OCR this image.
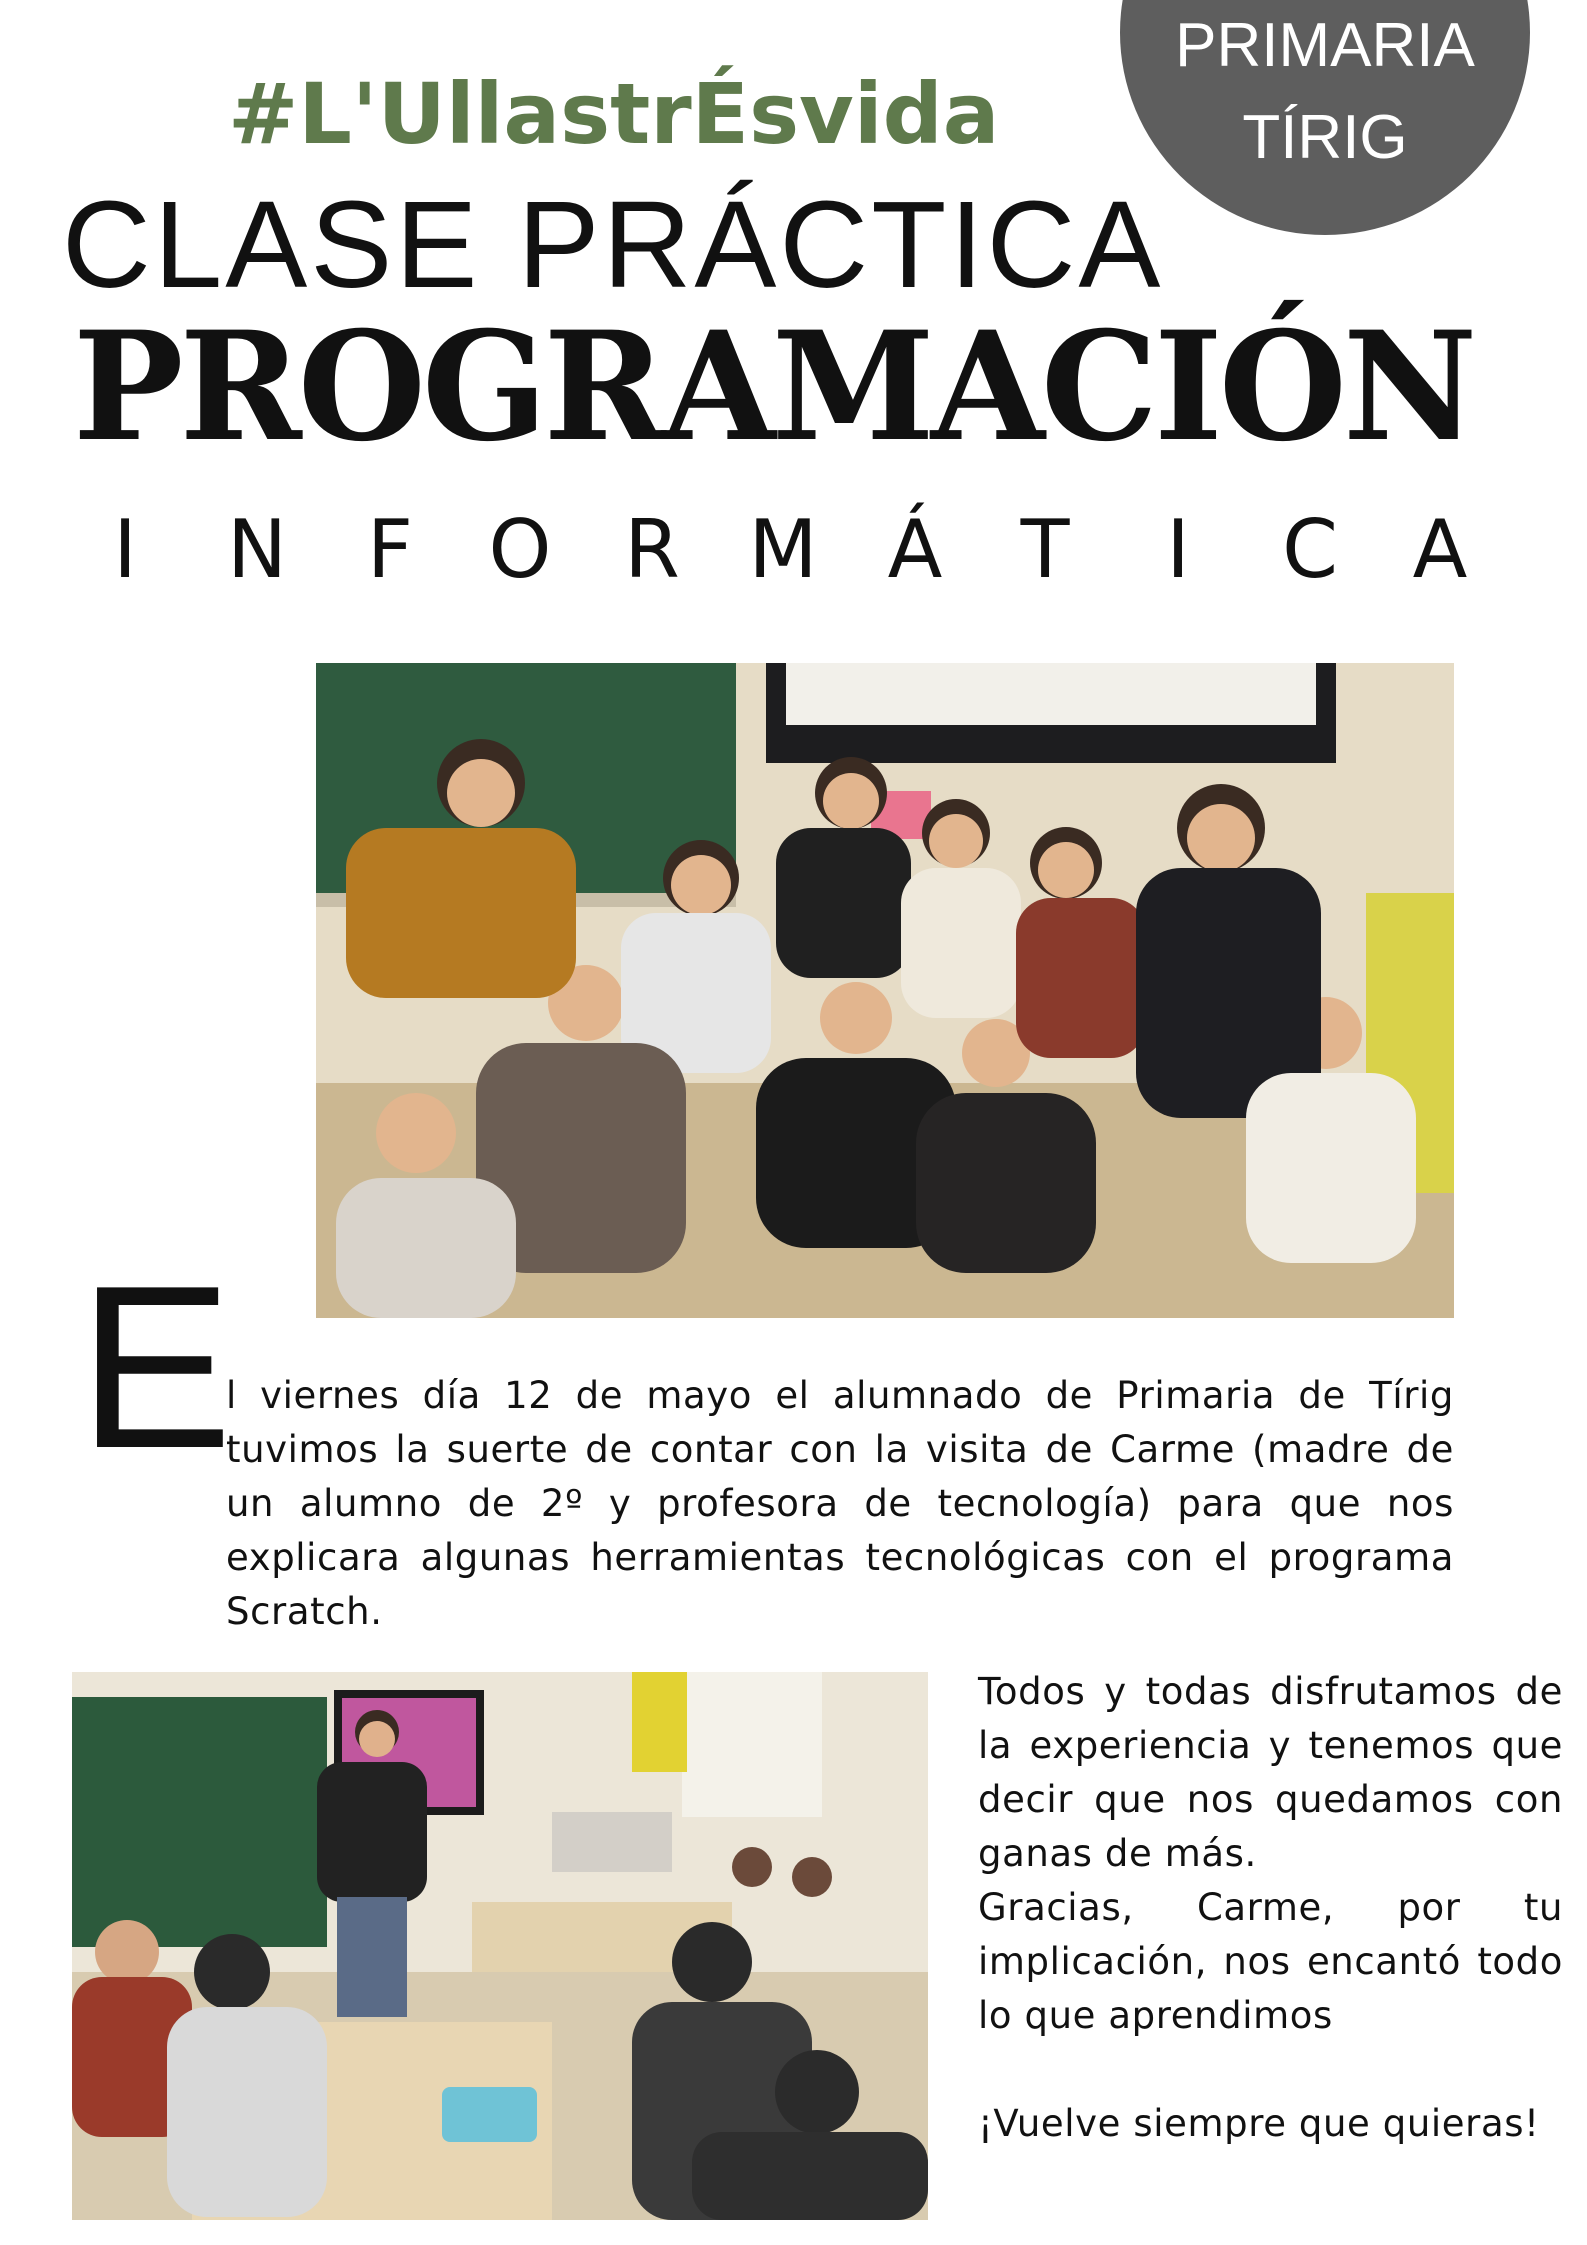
PRIMARIA
TÍRIG
#L'UllastrÉsvida
CLASE PRÁCTICA
PROGRAMACIÓN
I	N F O R M Á T	I	C A
E
l viernes día 12 de mayo el alumnado de Primaria de Tírig tuvimos la suerte de contar con la visita de Carme (madre de un alumno de 2º y profesora de tecnología) para que nos explicara algunas herramientas tecnológicas con el programa Scratch.

Todos y todas disfrutamos de la experiencia y tenemos que decir que nos quedamos con ganas de más.

Gracias, Carme, por tu implicación, nos encantó todo lo que aprendimos

¡Vuelve siempre que quieras!
